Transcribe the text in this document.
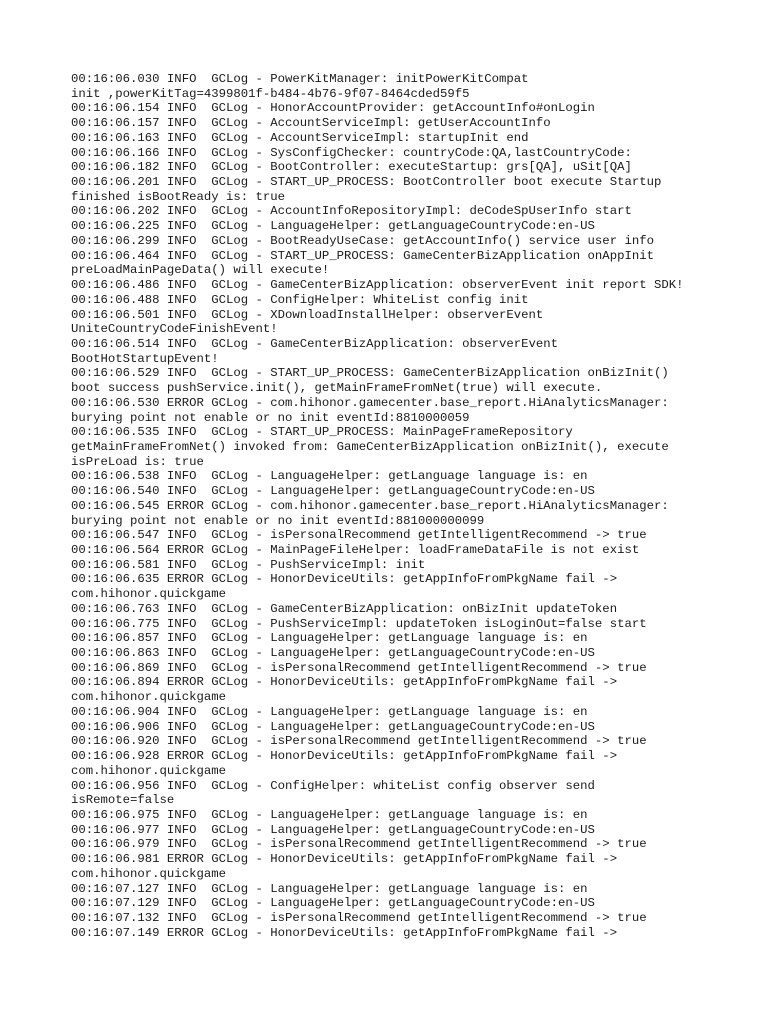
00:16:06.030 INFO  GCLog - PowerKitManager: initPowerKitCompat
init ,powerKitTag=4399801f-b484-4b76-9f07-8464cded59f5
00:16:06.154 INFO  GCLog - HonorAccountProvider: getAccountInfo#onLogin
00:16:06.157 INFO  GCLog - AccountServiceImpl: getUserAccountInfo
00:16:06.163 INFO  GCLog - AccountServiceImpl: startupInit end
00:16:06.166 INFO  GCLog - SysConfigChecker: countryCode:QA,lastCountryCode:
00:16:06.182 INFO  GCLog - BootController: executeStartup: grs[QA], uSit[QA]
00:16:06.201 INFO  GCLog - START_UP_PROCESS: BootController boot execute Startup
finished isBootReady is: true
00:16:06.202 INFO  GCLog - AccountInfoRepositoryImpl: deCodeSpUserInfo start
00:16:06.225 INFO  GCLog - LanguageHelper: getLanguageCountryCode:en-US
00:16:06.299 INFO  GCLog - BootReadyUseCase: getAccountInfo() service user info
00:16:06.464 INFO  GCLog - START_UP_PROCESS: GameCenterBizApplication onAppInit
preLoadMainPageData() will execute!
00:16:06.486 INFO  GCLog - GameCenterBizApplication: observerEvent init report SDK!
00:16:06.488 INFO  GCLog - ConfigHelper: WhiteList config init
00:16:06.501 INFO  GCLog - XDownloadInstallHelper: observerEvent
UniteCountryCodeFinishEvent!
00:16:06.514 INFO  GCLog - GameCenterBizApplication: observerEvent
BootHotStartupEvent!
00:16:06.529 INFO  GCLog - START_UP_PROCESS: GameCenterBizApplication onBizInit()
boot success pushService.init(), getMainFrameFromNet(true) will execute.
00:16:06.530 ERROR GCLog - com.hihonor.gamecenter.base_report.HiAnalyticsManager:
burying point not enable or no init eventId:8810000059
00:16:06.535 INFO  GCLog - START_UP_PROCESS: MainPageFrameRepository
getMainFrameFromNet() invoked from: GameCenterBizApplication onBizInit(), execute
isPreLoad is: true
00:16:06.538 INFO  GCLog - LanguageHelper: getLanguage language is: en
00:16:06.540 INFO  GCLog - LanguageHelper: getLanguageCountryCode:en-US
00:16:06.545 ERROR GCLog - com.hihonor.gamecenter.base_report.HiAnalyticsManager:
burying point not enable or no init eventId:881000000099
00:16:06.547 INFO  GCLog - isPersonalRecommend getIntelligentRecommend -> true
00:16:06.564 ERROR GCLog - MainPageFileHelper: loadFrameDataFile is not exist
00:16:06.581 INFO  GCLog - PushServiceImpl: init
00:16:06.635 ERROR GCLog - HonorDeviceUtils: getAppInfoFromPkgName fail ->
com.hihonor.quickgame
00:16:06.763 INFO  GCLog - GameCenterBizApplication: onBizInit updateToken
00:16:06.775 INFO  GCLog - PushServiceImpl: updateToken isLoginOut=false start
00:16:06.857 INFO  GCLog - LanguageHelper: getLanguage language is: en
00:16:06.863 INFO  GCLog - LanguageHelper: getLanguageCountryCode:en-US
00:16:06.869 INFO  GCLog - isPersonalRecommend getIntelligentRecommend -> true
00:16:06.894 ERROR GCLog - HonorDeviceUtils: getAppInfoFromPkgName fail ->
com.hihonor.quickgame
00:16:06.904 INFO  GCLog - LanguageHelper: getLanguage language is: en
00:16:06.906 INFO  GCLog - LanguageHelper: getLanguageCountryCode:en-US
00:16:06.920 INFO  GCLog - isPersonalRecommend getIntelligentRecommend -> true
00:16:06.928 ERROR GCLog - HonorDeviceUtils: getAppInfoFromPkgName fail ->
com.hihonor.quickgame
00:16:06.956 INFO  GCLog - ConfigHelper: whiteList config observer send
isRemote=false
00:16:06.975 INFO  GCLog - LanguageHelper: getLanguage language is: en
00:16:06.977 INFO  GCLog - LanguageHelper: getLanguageCountryCode:en-US
00:16:06.979 INFO  GCLog - isPersonalRecommend getIntelligentRecommend -> true
00:16:06.981 ERROR GCLog - HonorDeviceUtils: getAppInfoFromPkgName fail ->
com.hihonor.quickgame
00:16:07.127 INFO  GCLog - LanguageHelper: getLanguage language is: en
00:16:07.129 INFO  GCLog - LanguageHelper: getLanguageCountryCode:en-US
00:16:07.132 INFO  GCLog - isPersonalRecommend getIntelligentRecommend -> true
00:16:07.149 ERROR GCLog - HonorDeviceUtils: getAppInfoFromPkgName fail ->
